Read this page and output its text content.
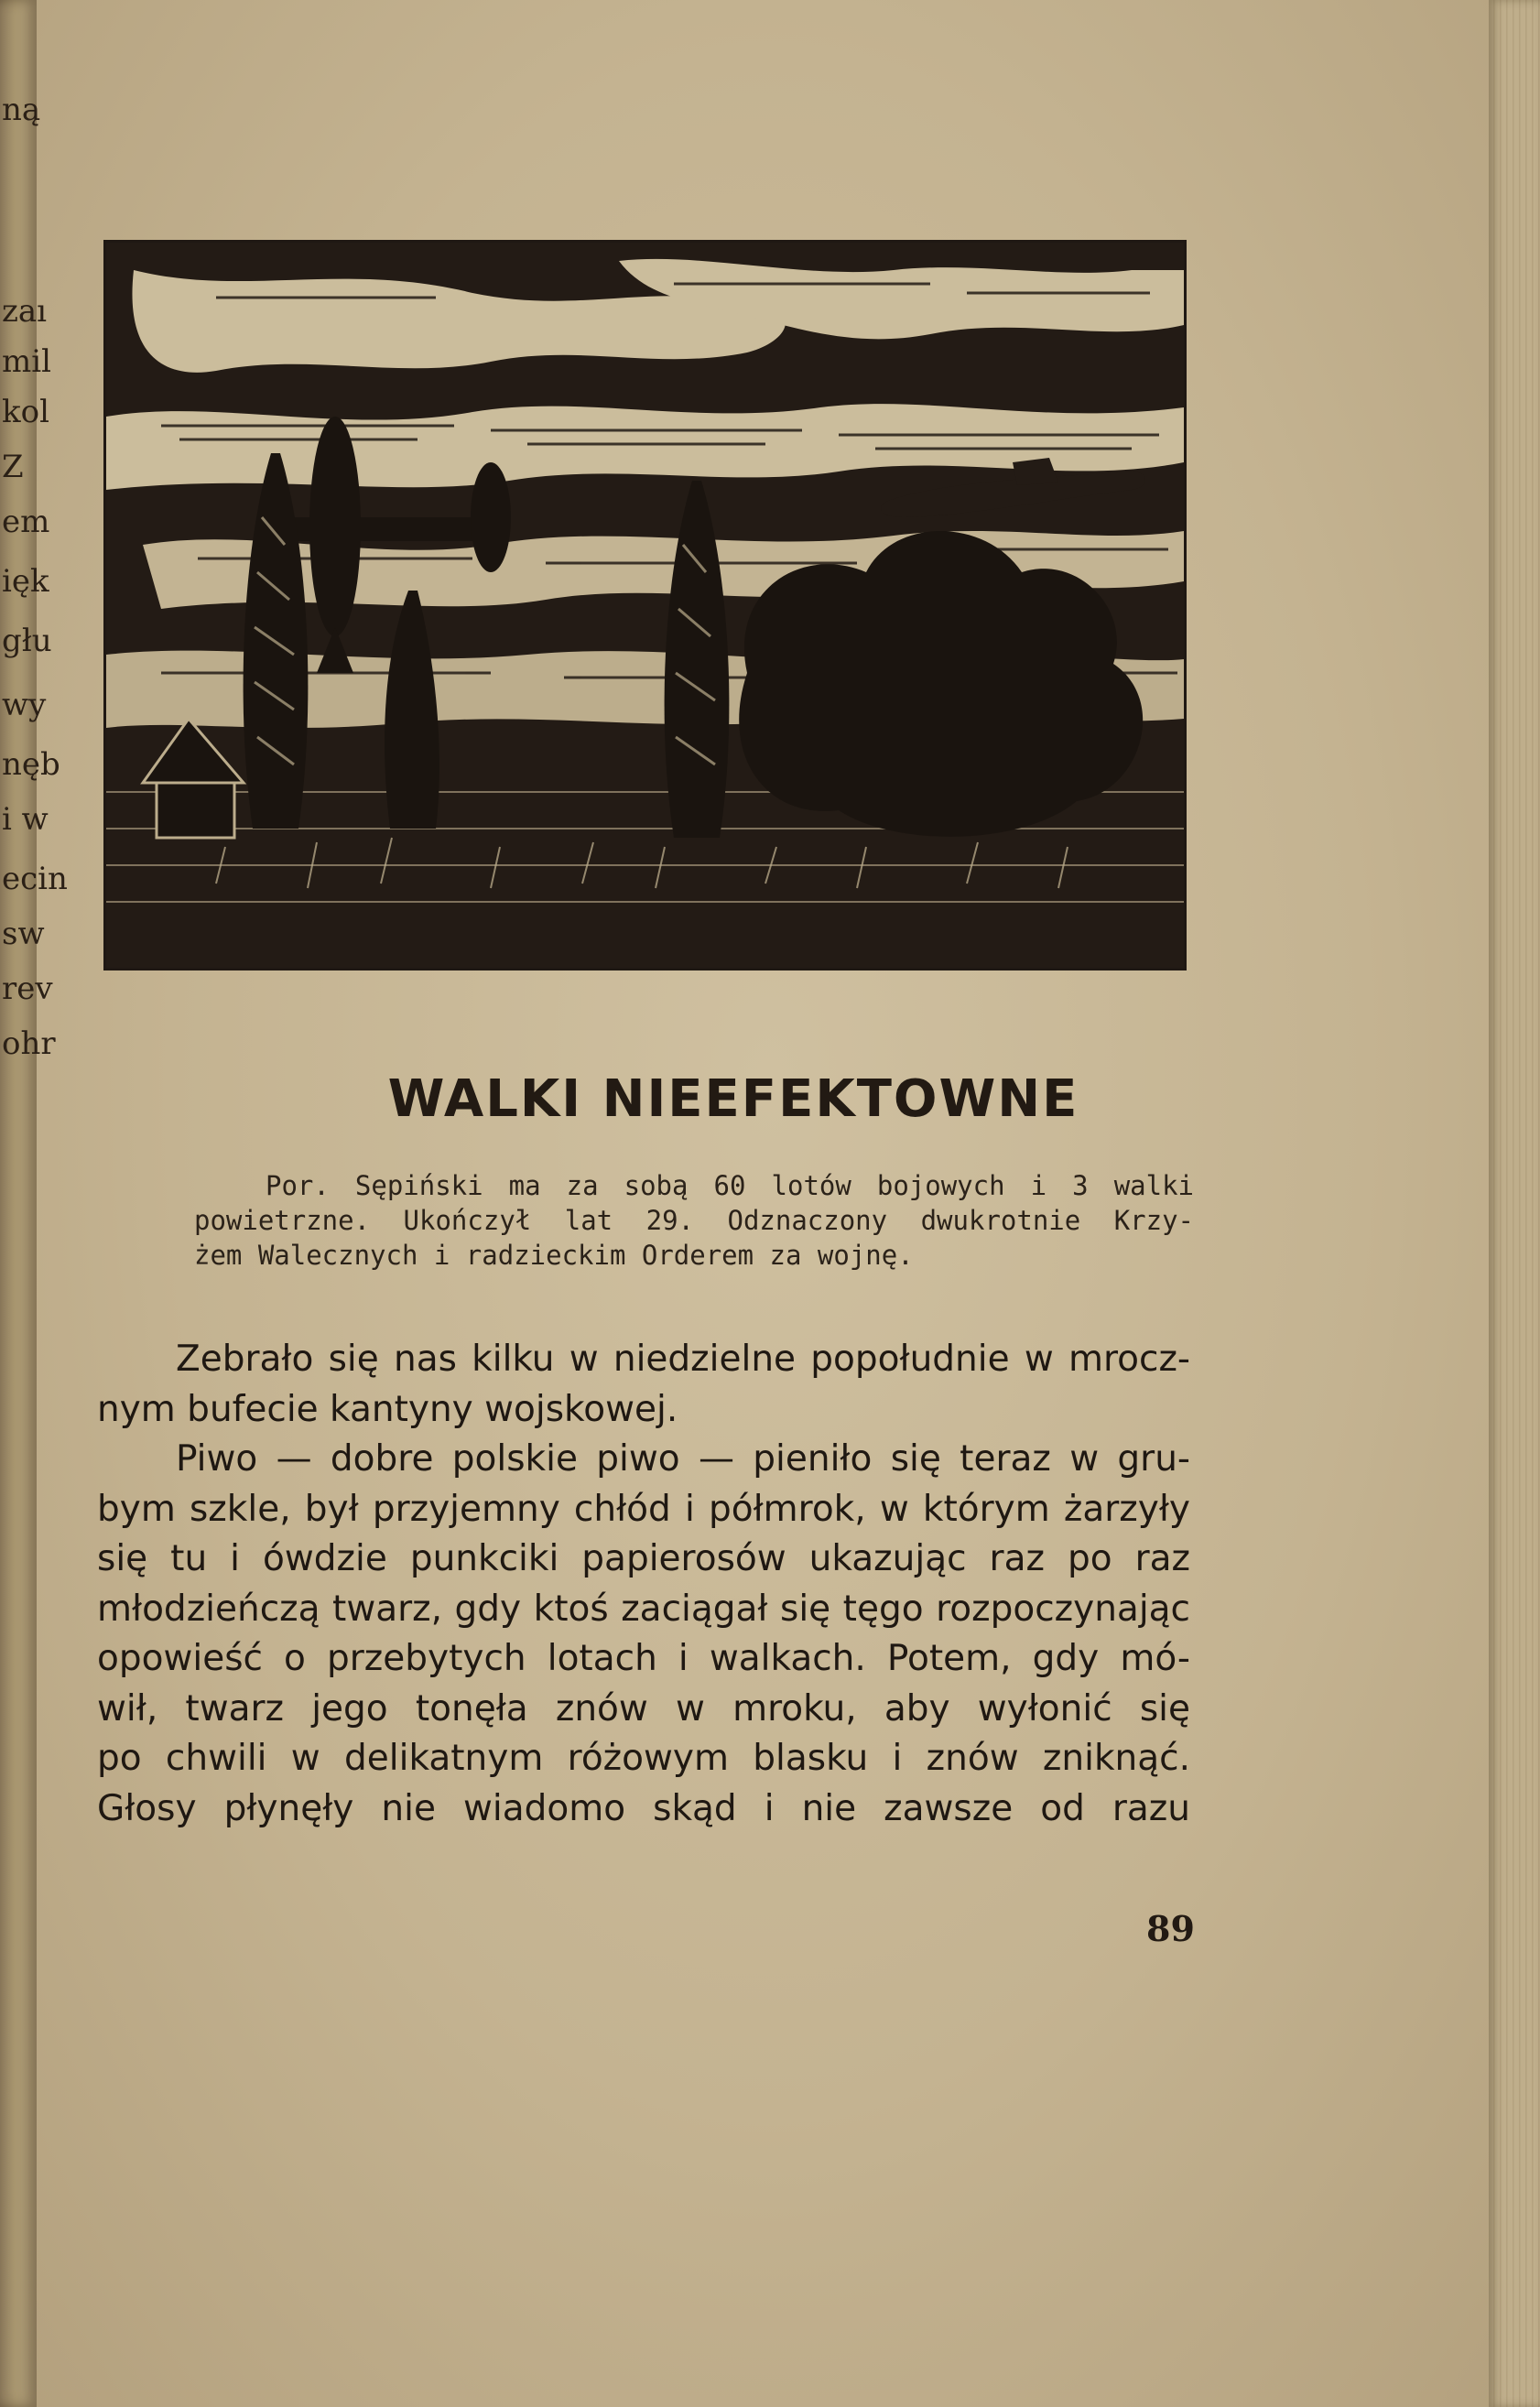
ną
zaı
mil
kol
Z
em
ięk
głu
wy
nęb
i w
ecin
sw
rev
ohr
WALKI NIEEFEKTOWNE
Por. Sępiński ma za sobą 60 lotów bojowych i 3 walki
powietrzne. Ukończył lat 29. Odznaczony dwukrotnie Krzy-
żem Walecznych i radzieckim Orderem za wojnę.
Zebrało się nas kilku w niedzielne popołudnie w mrocz-
nym bufecie kantyny wojskowej.
Piwo — dobre polskie piwo — pieniło się teraz w gru-
bym szkle, był przyjemny chłód i półmrok, w którym żarzyły
się tu i ówdzie punkciki papierosów ukazując raz po raz
młodzieńczą twarz, gdy ktoś zaciągał się tęgo rozpoczynając
opowieść o przebytych lotach i walkach. Potem, gdy mó-
wił, twarz jego tonęła znów w mroku, aby wyłonić się
po chwili w delikatnym różowym blasku i znów zniknąć.
Głosy płynęły nie wiadomo skąd i nie zawsze od razu
89
